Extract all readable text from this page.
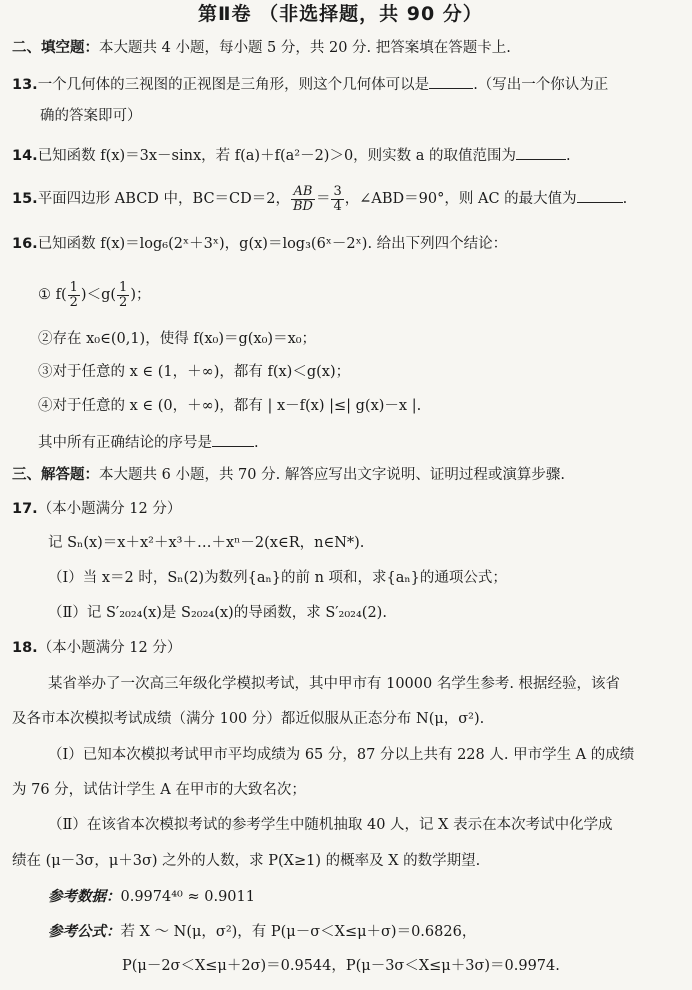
第Ⅱ卷 （非选择题，共 90 分）
二、填空题：本大题共 4 小题，每小题 5 分，共 20 分. 把答案填在答题卡上.
13.一个几何体的三视图的正视图是三角形，则这个几何体可以是	.（写出一个你认为正
确的答案即可）
14.已知函数 f(x)＝3x－sinx，若 f(a)＋f(a²－2)＞0，则实数 a 的取值范围为	.
15.平面四边形 ABCD 中，BC＝CD＝2， $\frac{AB}{BD} = \frac{3}{4}$ ，∠ABD＝90°，则 AC 的最大值为	.
16.已知函数 f(x)＝log₆(2ˣ＋3ˣ)，g(x)＝log₃(6ˣ－2ˣ). 给出下列四个结论：
① $f( \frac{1}{2} )<g( \frac{1}{2}$ )；
②存在 x₀∈(0,1)，使得 f(x₀)＝g(x₀)＝x₀；
③对于任意的 x ∈ (1，＋∞)，都有 f(x)＜g(x)；
④对于任意的 x ∈ (0，＋∞)，都有 | x－f(x) |≤| g(x)－x |.
其中所有正确结论的序号是	.
三、解答题：本大题共 6 小题，共 70 分. 解答应写出文字说明、证明过程或演算步骤.
17.（本小题满分 12 分）
记 Sₙ(x)＝x＋x²＋x³＋…＋xⁿ－2(x∈R，n∈N*).
（Ⅰ）当 x＝2 时，Sₙ(2)为数列{aₙ}的前 n 项和，求{aₙ}的通项公式；
（Ⅱ）记 S′₂₀₂₄(x)是 S₂₀₂₄(x)的导函数，求 S′₂₀₂₄(2).
18.（本小题满分 12 分）
某省举办了一次高三年级化学模拟考试，其中甲市有 10000 名学生参考. 根据经验，该省
及各市本次模拟考试成绩（满分 100 分）都近似服从正态分布 N(μ，σ²).
（Ⅰ）已知本次模拟考试甲市平均成绩为 65 分，87 分以上共有 228 人. 甲市学生 A 的成绩
为 76 分，试估计学生 A 在甲市的大致名次；
（Ⅱ）在该省本次模拟考试的参考学生中随机抽取 40 人，记 X 表示在本次考试中化学成
绩在 (μ－3σ，μ＋3σ) 之外的人数，求 P(X≥1) 的概率及 X 的数学期望.
参考数据：0.9974⁴⁰ ≈ 0.9011
参考公式：若 X ～ N(μ，σ²)，有 P(μ－σ＜X≤μ＋σ)＝0.6826，
P(μ－2σ＜X≤μ＋2σ)＝0.9544，P(μ－3σ＜X≤μ＋3σ)＝0.9974.
